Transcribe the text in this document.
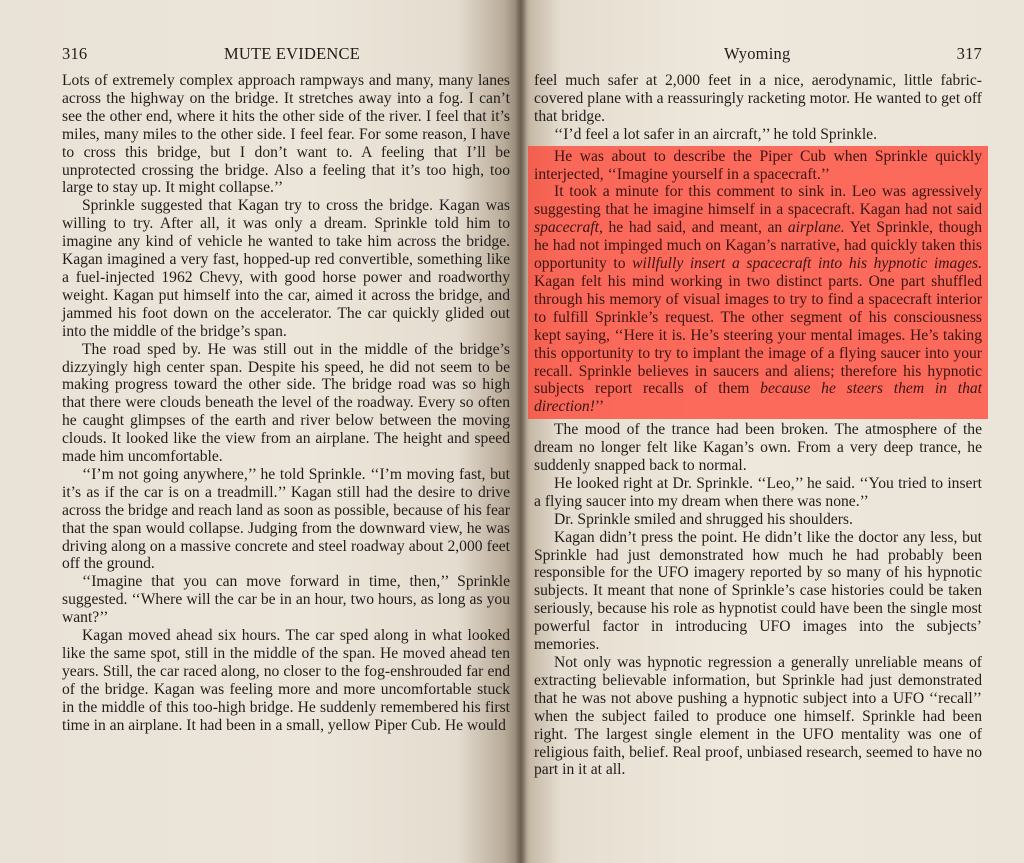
316	MUTE EVIDENCE

Lots of extremely complex approach rampways and many, many lanes across the highway on the bridge. It stretches away into a fog. I can’t see the other end, where it hits the other side of the river. I feel that it’s miles, many miles to the other side. I feel fear. For some reason, I have to cross this bridge, but I don’t want to. A feeling that I’ll be unprotected crossing the bridge. Also a feeling that it’s too high, too large to stay up. It might collapse.’’

Sprinkle suggested that Kagan try to cross the bridge. Kagan was willing to try. After all, it was only a dream. Sprinkle told him to imagine any kind of vehicle he wanted to take him across the bridge. Kagan imagined a very fast, hopped-up red convertible, something like a fuel-injected 1962 Chevy, with good horse power and roadworthy weight. Kagan put himself into the car, aimed it across the bridge, and jammed his foot down on the accelerator. The car quickly glided out into the middle of the bridge’s span.

The road sped by. He was still out in the middle of the bridge’s dizzyingly high center span. Despite his speed, he did not seem to be making progress toward the other side. The bridge road was so high that there were clouds beneath the level of the roadway. Every so often he caught glimpses of the earth and river below between the moving clouds. It looked like the view from an airplane. The height and speed made him uncomfortable.

‘‘I’m not going anywhere,’’ he told Sprinkle. ‘‘I’m moving fast, but it’s as if the car is on a treadmill.’’ Kagan still had the desire to drive across the bridge and reach land as soon as possible, because of his fear that the span would collapse. Judging from the downward view, he was driving along on a massive concrete and steel roadway about 2,000 feet off the ground.

‘‘Imagine that you can move forward in time, then,’’ Sprinkle suggested. ‘‘Where will the car be in an hour, two hours, as long as you want?’’

Kagan moved ahead six hours. The car sped along in what looked like the same spot, still in the middle of the span. He moved ahead ten years. Still, the car raced along, no closer to the fog-enshrouded far end of the bridge. Kagan was feeling more and more uncomfortable stuck in the middle of this too-high bridge. He suddenly remembered his first time in an airplane. It had been in a small, yellow Piper Cub. He would

Wyoming	317

feel much safer at 2,000 feet in a nice, aerodynamic, little fabric-covered plane with a reassuringly racketing motor. He wanted to get off that bridge.

‘‘I’d feel a lot safer in an aircraft,’’ he told Sprinkle.

He was about to describe the Piper Cub when Sprinkle quickly interjected, ‘‘Imagine yourself in a spacecraft.’’

It took a minute for this comment to sink in. Leo was agressively suggesting that he imagine himself in a spacecraft. Kagan had not said spacecraft, he had said, and meant, an airplane. Yet Sprinkle, though he had not impinged much on Kagan’s narrative, had quickly taken this opportunity to willfully insert a spacecraft into his hypnotic images. Kagan felt his mind working in two distinct parts. One part shuffled through his memory of visual images to try to find a spacecraft interior to fulfill Sprinkle’s request. The other segment of his consciousness kept saying, ‘‘Here it is. He’s steering your mental images. He’s taking this opportunity to try to implant the image of a flying saucer into your recall. Sprinkle believes in saucers and aliens; therefore his hypnotic subjects report recalls of them because he steers them in that direction!’’

The mood of the trance had been broken. The atmosphere of the dream no longer felt like Kagan’s own. From a very deep trance, he suddenly snapped back to normal.

He looked right at Dr. Sprinkle. ‘‘Leo,’’ he said. ‘‘You tried to insert a flying saucer into my dream when there was none.’’

Dr. Sprinkle smiled and shrugged his shoulders.

Kagan didn’t press the point. He didn’t like the doctor any less, but Sprinkle had just demonstrated how much he had probably been responsible for the UFO imagery reported by so many of his hypnotic subjects. It meant that none of Sprinkle’s case histories could be taken seriously, because his role as hypnotist could have been the single most powerful factor in introducing UFO images into the subjects’ memories.

Not only was hypnotic regression a generally unreliable means of extracting believable information, but Sprinkle had just demonstrated that he was not above pushing a hypnotic subject into a UFO ‘‘recall’’ when the subject failed to produce one himself. Sprinkle had been right. The largest single element in the UFO mentality was one of religious faith, belief. Real proof, unbiased research, seemed to have no part in it at all.
